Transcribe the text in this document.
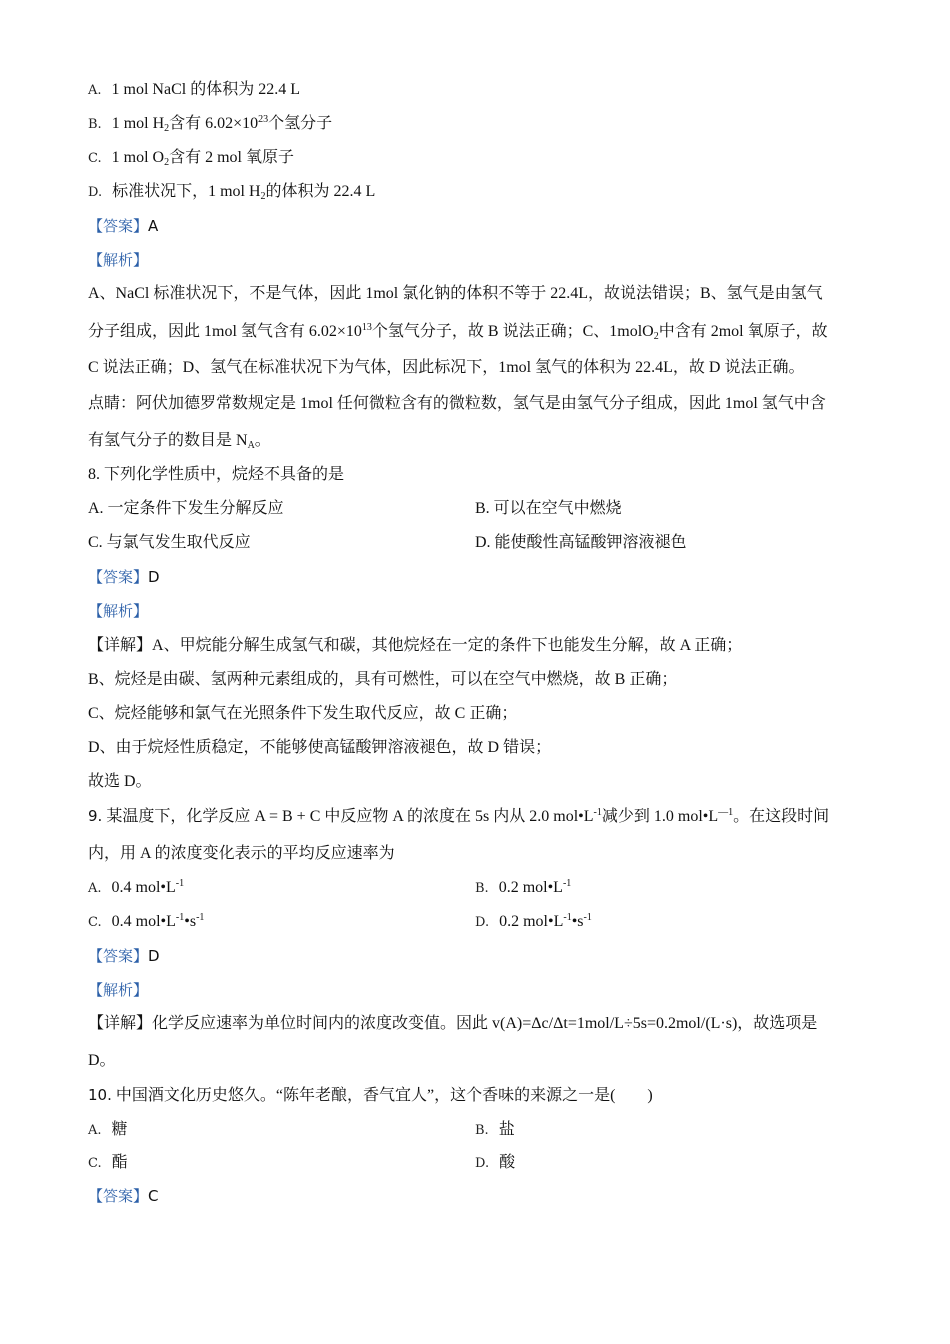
A. 1 mol NaCl 的体积为 22.4 L
B. 1 mol $H_2$含有 $6.02\times 10^{23}$个氢分子
C. 1 mol $O_2$含有 2 mol 氧原子
D. 标准状况下，1 mol $H_2$的体积为 22.4 L
【答案】A
【解析】
A、NaCl 标准状况下，不是气体，因此 1mol 氯化钠的体积不等于 22.4L，故说法错误；B、氢气是由氢气
分子组成，因此 1mol 氢气含有 $6.02\times 10^{13}$个氢气分子，故 B 说法正确；C、1molO$_2$中含有 2mol 氧原子，故
C 说法正确；D、氢气在标准状况下为气体，因此标况下，1mol 氢气的体积为 22.4L，故 D 说法正确。
点睛：阿伏加德罗常数规定是 1mol 任何微粒含有的微粒数，氢气是由氢气分子组成，因此 1mol 氢气中含
有氢气分子的数目是 $N_A$。
8. 下列化学性质中，烷烃不具备的是
A. 一定条件下发生分解反应	B. 可以在空气中燃烧
C. 与氯气发生取代反应	D. 能使酸性高锰酸钾溶液褪色
【答案】D
【解析】
【详解】A、甲烷能分解生成氢气和碳，其他烷烃在一定的条件下也能发生分解，故 A 正确；
B、烷烃是由碳、氢两种元素组成的，具有可燃性，可以在空气中燃烧，故 B 正确；
C、烷烃能够和氯气在光照条件下发生取代反应，故 C 正确；
D、由于烷烃性质稳定，不能够使高锰酸钾溶液褪色，故 D 错误；
故选 D。
9. 某温度下，化学反应 A = B + C 中反应物 A 的浓度在 5s 内从 2.0 $mol•L^{-1}$减少到 1.0 $mol•L^{—1}$。在这段时间
内，用 A 的浓度变化表示的平均反应速率为
A. 0.4 $mol•L^{-1}$	B. 0.2 $mol•L^{-1}$
C. 0.4 $mol•L^{-1}•s^{-1}$	D. 0.2 $mol•L^{-1}•s^{-1}$
【答案】D
【解析】
【详解】化学反应速率为单位时间内的浓度改变值。因此 v(A)=Δc/Δt=1mol/L÷5s=0.2mol/(L·s)，故选项是
D。
10. 中国酒文化历史悠久。“陈年老酿，香气宜人”，这个香味的来源之一是(　　)
A. 糖	B. 盐
C. 酯	D. 酸
【答案】C
